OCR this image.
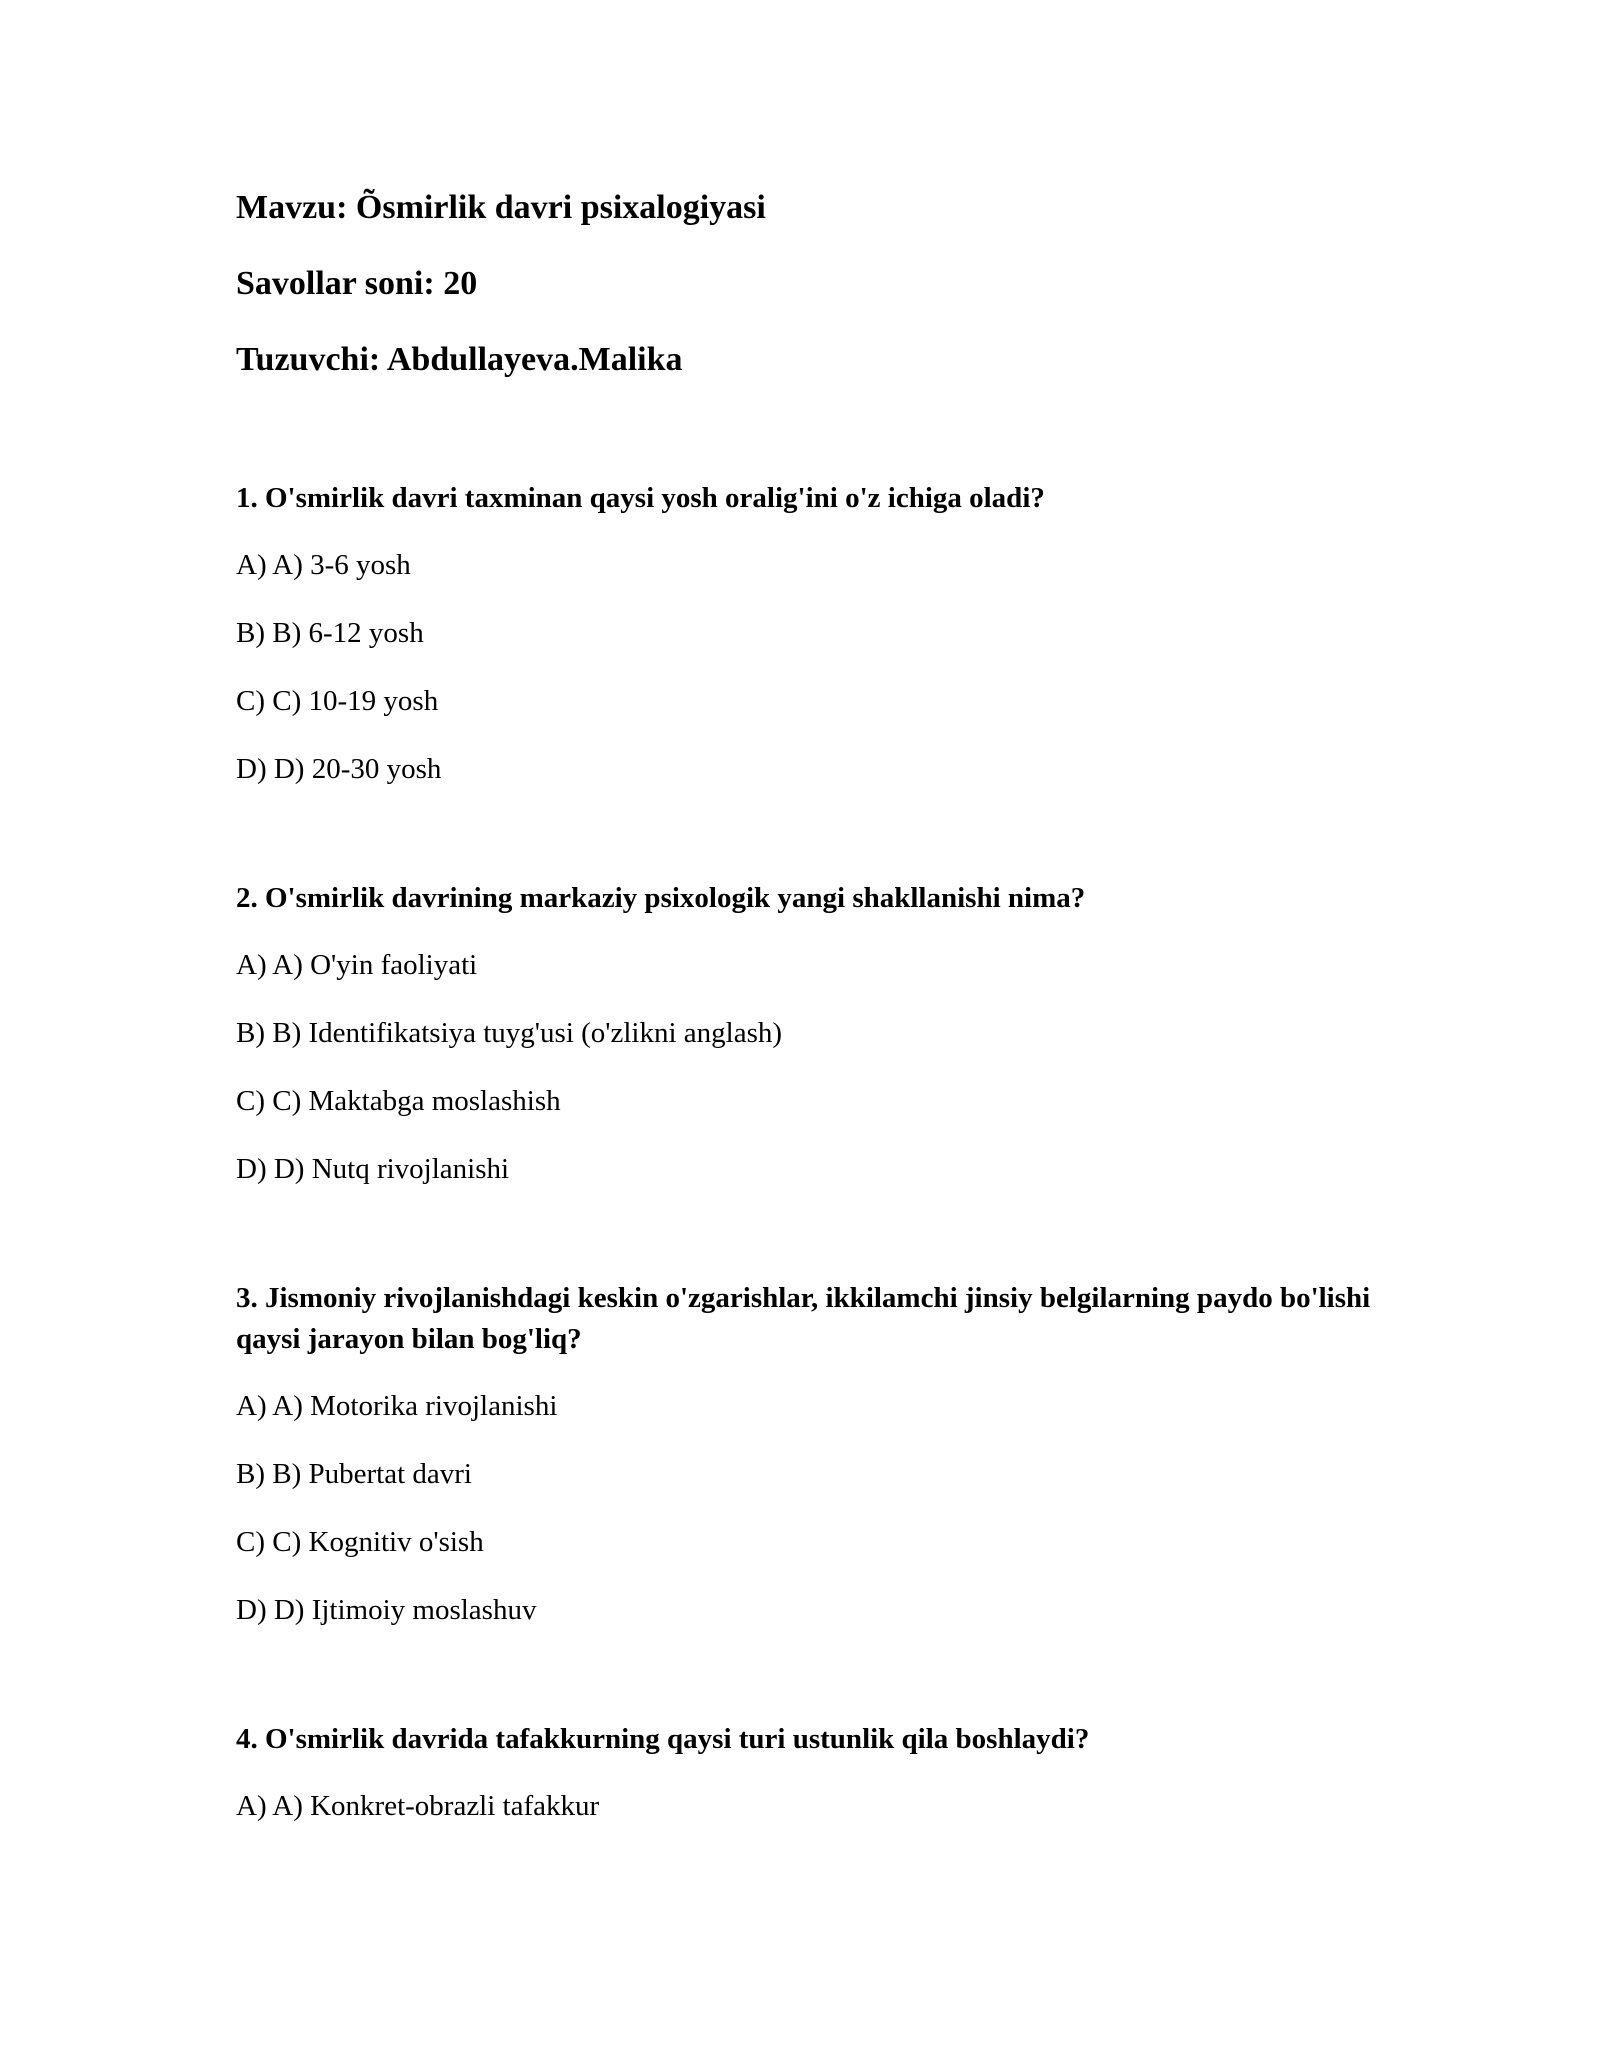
Mavzu: Õsmirlik davri psixalogiyasi
Savollar soni: 20
Tuzuvchi: Abdullayeva.Malika
1. O'smirlik davri taxminan qaysi yosh oralig'ini o'z ichiga oladi?
A) A) 3-6 yosh
B) B) 6-12 yosh
C) C) 10-19 yosh
D) D) 20-30 yosh
2. O'smirlik davrining markaziy psixologik yangi shakllanishi nima?
A) A) O'yin faoliyati
B) B) Identifikatsiya tuyg'usi (o'zlikni anglash)
C) C) Maktabga moslashish
D) D) Nutq rivojlanishi
3. Jismoniy rivojlanishdagi keskin o'zgarishlar, ikkilamchi jinsiy belgilarning paydo bo'lishi qaysi jarayon bilan bog'liq?
A) A) Motorika rivojlanishi
B) B) Pubertat davri
C) C) Kognitiv o'sish
D) D) Ijtimoiy moslashuv
4. O'smirlik davrida tafakkurning qaysi turi ustunlik qila boshlaydi?
A) A) Konkret-obrazli tafakkur
